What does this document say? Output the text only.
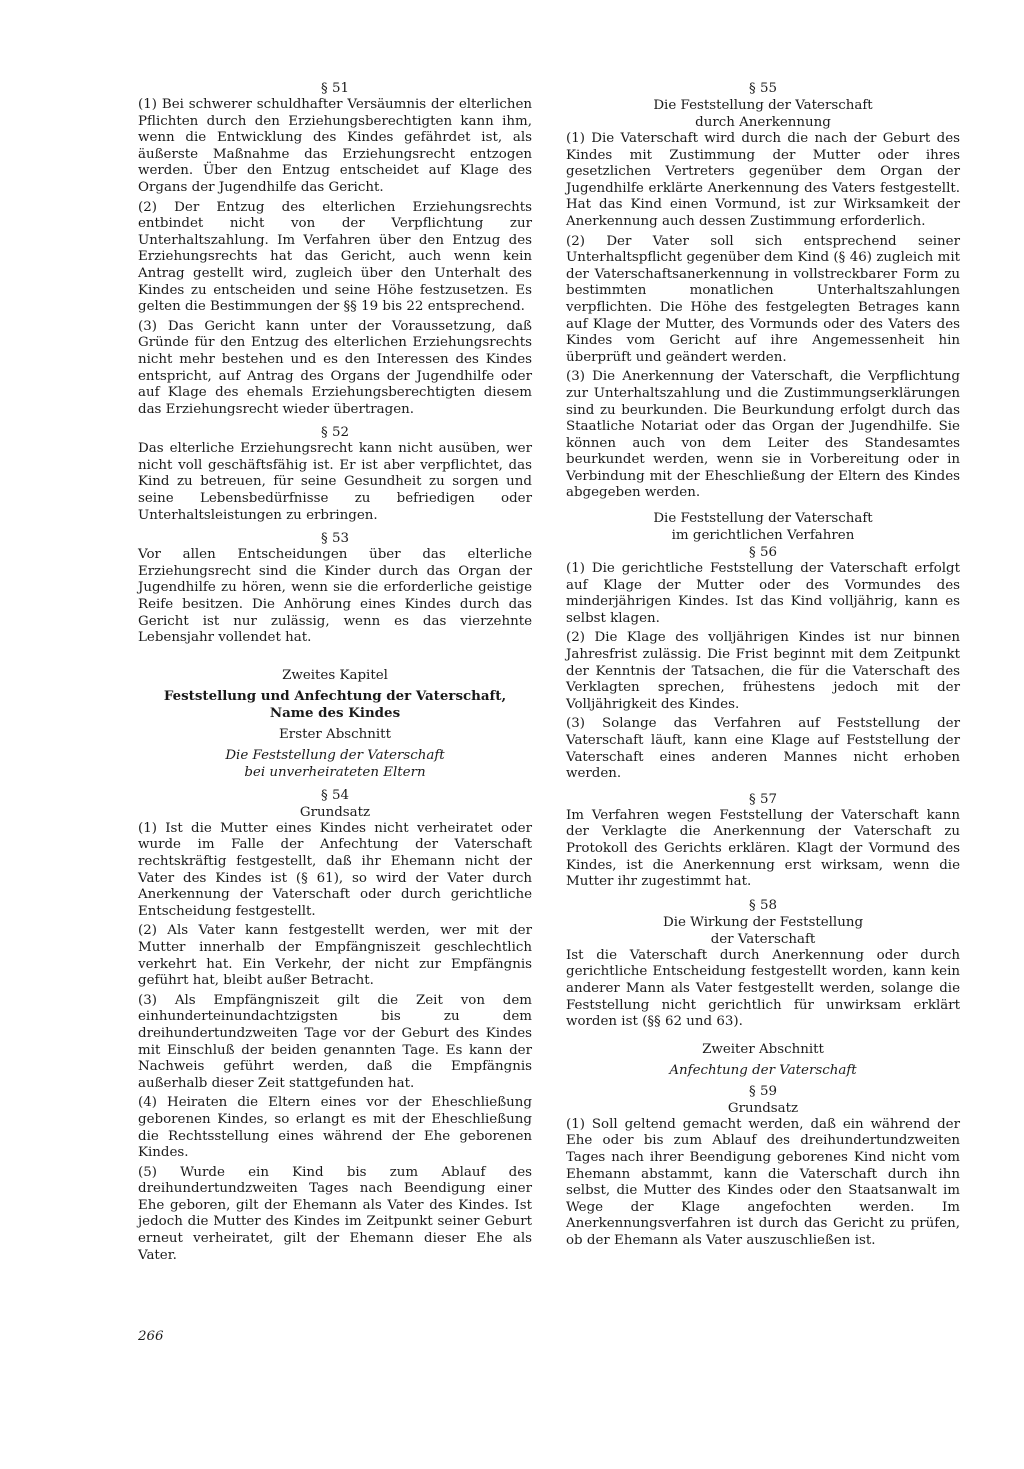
§ 51

(1) Bei schwerer schuldhafter Versäumnis der elterlichen Pflichten durch den Erziehungsberechtigten kann ihm, wenn die Entwicklung des Kindes gefährdet ist, als äußerste Maßnahme das Erziehungsrecht entzogen werden. Über den Entzug entscheidet auf Klage des Organs der Jugendhilfe das Gericht.

(2) Der Entzug des elterlichen Erziehungsrechts entbindet nicht von der Verpflichtung zur Unterhaltszahlung. Im Verfahren über den Entzug des Erziehungsrechts hat das Gericht, auch wenn kein Antrag gestellt wird, zugleich über den Unterhalt des Kindes zu entscheiden und seine Höhe festzusetzen. Es gelten die Bestimmungen der §§ 19 bis 22 entsprechend.

(3) Das Gericht kann unter der Voraussetzung, daß Gründe für den Entzug des elterlichen Erziehungsrechts nicht mehr bestehen und es den Interessen des Kindes entspricht, auf Antrag des Organs der Jugendhilfe oder auf Klage des ehemals Erziehungsberechtigten diesem das Erziehungsrecht wieder übertragen.

§ 52

Das elterliche Erziehungsrecht kann nicht ausüben, wer nicht voll geschäftsfähig ist. Er ist aber verpflichtet, das Kind zu betreuen, für seine Gesundheit zu sorgen und seine Lebensbedürfnisse zu befriedigen oder Unterhaltsleistungen zu erbringen.

§ 53

Vor allen Entscheidungen über das elterliche Erziehungsrecht sind die Kinder durch das Organ der Jugendhilfe zu hören, wenn sie die erforderliche geistige Reife besitzen. Die Anhörung eines Kindes durch das Gericht ist nur zulässig, wenn es das vierzehnte Lebensjahr vollendet hat.

Zweites Kapitel
Feststellung und Anfechtung der Vaterschaft,
Name des Kindes
Erster Abschnitt
Die Feststellung der Vaterschaft
bei unverheirateten Eltern
§ 54
Grundsatz

(1) Ist die Mutter eines Kindes nicht verheiratet oder wurde im Falle der Anfechtung der Vaterschaft rechtskräftig festgestellt, daß ihr Ehemann nicht der Vater des Kindes ist (§ 61), so wird der Vater durch Anerkennung der Vaterschaft oder durch gerichtliche Entscheidung festgestellt.

(2) Als Vater kann festgestellt werden, wer mit der Mutter innerhalb der Empfängniszeit geschlechtlich verkehrt hat. Ein Verkehr, der nicht zur Empfängnis geführt hat, bleibt außer Betracht.

(3) Als Empfängniszeit gilt die Zeit von dem einhunderteinundachtzigsten bis zu dem dreihundertundzweiten Tage vor der Geburt des Kindes mit Einschluß der beiden genannten Tage. Es kann der Nachweis geführt werden, daß die Empfängnis außerhalb dieser Zeit stattgefunden hat.

(4) Heiraten die Eltern eines vor der Eheschließung geborenen Kindes, so erlangt es mit der Eheschließung die Rechtsstellung eines während der Ehe geborenen Kindes.

(5) Wurde ein Kind bis zum Ablauf des dreihundertundzweiten Tages nach Beendigung einer Ehe geboren, gilt der Ehemann als Vater des Kindes. Ist jedoch die Mutter des Kindes im Zeitpunkt seiner Geburt erneut verheiratet, gilt der Ehemann dieser Ehe als Vater.

§ 55
Die Feststellung der Vaterschaft
durch Anerkennung

(1) Die Vaterschaft wird durch die nach der Geburt des Kindes mit Zustimmung der Mutter oder ihres gesetzlichen Vertreters gegenüber dem Organ der Jugendhilfe erklärte Anerkennung des Vaters festgestellt. Hat das Kind einen Vormund, ist zur Wirksamkeit der Anerkennung auch dessen Zustimmung erforderlich.

(2) Der Vater soll sich entsprechend seiner Unterhaltspflicht gegenüber dem Kind (§ 46) zugleich mit der Vaterschaftsanerkennung in vollstreckbarer Form zu bestimmten monatlichen Unterhaltszahlungen verpflichten. Die Höhe des festgelegten Betrages kann auf Klage der Mutter, des Vormunds oder des Vaters des Kindes vom Gericht auf ihre Angemessenheit hin überprüft und geändert werden.

(3) Die Anerkennung der Vaterschaft, die Verpflichtung zur Unterhaltszahlung und die Zustimmungserklärungen sind zu beurkunden. Die Beurkundung erfolgt durch das Staatliche Notariat oder das Organ der Jugendhilfe. Sie können auch von dem Leiter des Standesamtes beurkundet werden, wenn sie in Vorbereitung oder in Verbindung mit der Eheschließung der Eltern des Kindes abgegeben werden.

Die Feststellung der Vaterschaft
im gerichtlichen Verfahren
§ 56

(1) Die gerichtliche Feststellung der Vaterschaft erfolgt auf Klage der Mutter oder des Vormundes des minderjährigen Kindes. Ist das Kind volljährig, kann es selbst klagen.

(2) Die Klage des volljährigen Kindes ist nur binnen Jahresfrist zulässig. Die Frist beginnt mit dem Zeitpunkt der Kenntnis der Tatsachen, die für die Vaterschaft des Verklagten sprechen, frühestens jedoch mit der Volljährigkeit des Kindes.

(3) Solange das Verfahren auf Feststellung der Vaterschaft läuft, kann eine Klage auf Feststellung der Vaterschaft eines anderen Mannes nicht erhoben werden.

§ 57

Im Verfahren wegen Feststellung der Vaterschaft kann der Verklagte die Anerkennung der Vaterschaft zu Protokoll des Gerichts erklären. Klagt der Vormund des Kindes, ist die Anerkennung erst wirksam, wenn die Mutter ihr zugestimmt hat.

§ 58
Die Wirkung der Feststellung
der Vaterschaft

Ist die Vaterschaft durch Anerkennung oder durch gerichtliche Entscheidung festgestellt worden, kann kein anderer Mann als Vater festgestellt werden, solange die Feststellung nicht gerichtlich für unwirksam erklärt worden ist (§§ 62 und 63).

Zweiter Abschnitt
Anfechtung der Vaterschaft
§ 59
Grundsatz

(1) Soll geltend gemacht werden, daß ein während der Ehe oder bis zum Ablauf des dreihundertundzweiten Tages nach ihrer Beendigung geborenes Kind nicht vom Ehemann abstammt, kann die Vaterschaft durch ihn selbst, die Mutter des Kindes oder den Staatsanwalt im Wege der Klage angefochten werden. Im Anerkennungsverfahren ist durch das Gericht zu prüfen, ob der Ehemann als Vater auszuschließen ist.

266
